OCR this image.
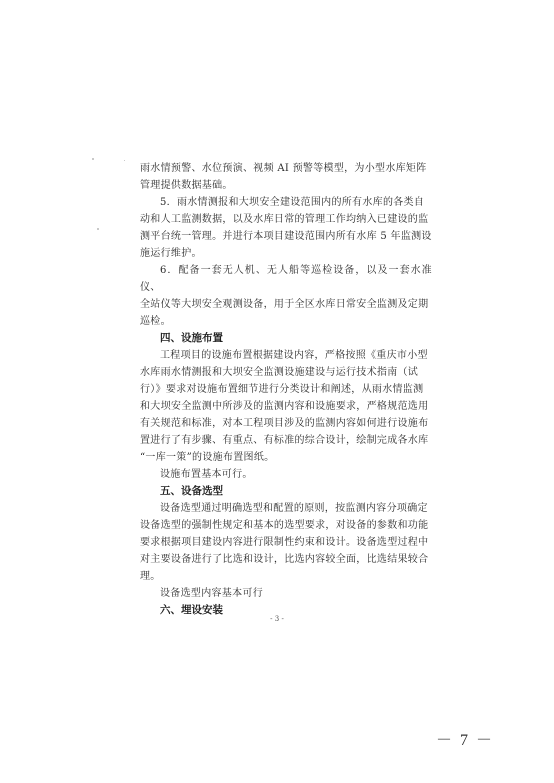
雨水情预警、水位预演、视频 AI 预警等模型，为小型水库矩阵
管理提供数据基础。
5．雨水情测报和大坝安全建设范围内的所有水库的各类自
动和人工监测数据，以及水库日常的管理工作均纳入已建设的监
测平台统一管理。并进行本项目建设范围内所有水库 5 年监测设
施运行维护。
6．配备一套无人机、无人船等巡检设备，以及一套水准仪、
全站仪等大坝安全观测设备，用于全区水库日常安全监测及定期
巡检。
四、设施布置
工程项目的设施布置根据建设内容，严格按照《重庆市小型
水库雨水情测报和大坝安全监测设施建设与运行技术指南（试
行）》要求对设施布置细节进行分类设计和阐述，从雨水情监测
和大坝安全监测中所涉及的监测内容和设施要求，严格规范选用
有关规范和标准，对本工程项目涉及的监测内容如何进行设施布
置进行了有步骤、有重点、有标准的综合设计，绘制完成各水库
“一库一策”的设施布置图纸。
设施布置基本可行。
五、设备选型
设备选型通过明确选型和配置的原则，按监测内容分项确定
设备选型的强制性规定和基本的选型要求，对设备的参数和功能
要求根据项目建设内容进行限制性约束和设计。设备选型过程中
对主要设备进行了比选和设计，比选内容较全面，比选结果较合
理。
设备选型内容基本可行
六、埋设安装
- 3 -
－ 7 －
